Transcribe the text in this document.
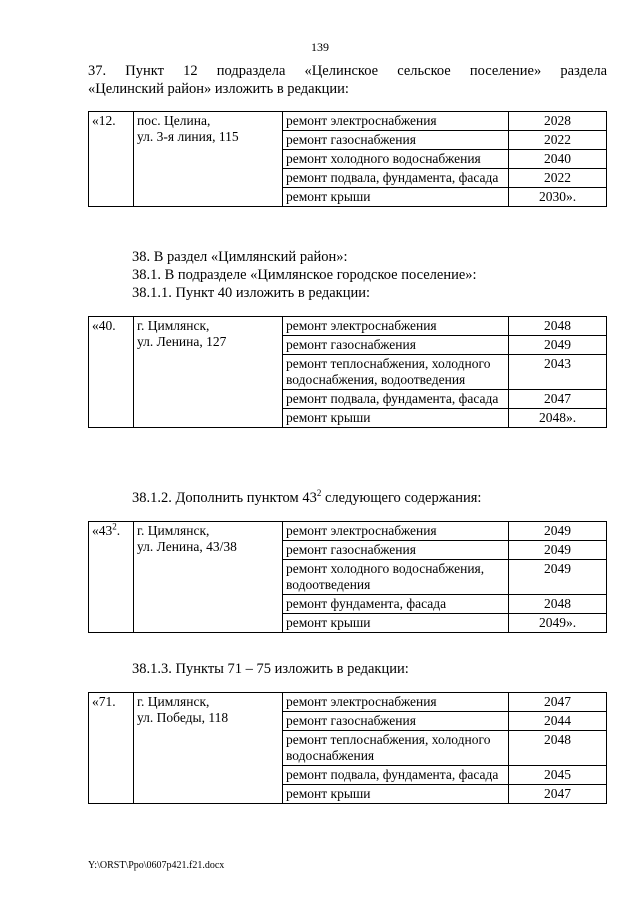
139
37. Пункт 12 подраздела «Целинское сельское поселение» раздела
«Целинский район» изложить в редакции:
«12.	пос. Целина,
ул. 3-я линия, 115	ремонт электроснабжения	2028
		ремонт газоснабжения	2022
		ремонт холодного водоснабжения	2040
		ремонт подвала, фундамента, фасада	2022
		ремонт крыши	2030».
38. В раздел «Цимлянский район»:
38.1. В подразделе «Цимлянское городское поселение»:
38.1.1. Пункт 40 изложить в редакции:
«40.	г. Цимлянск,
ул. Ленина, 127	ремонт электроснабжения	2048
		ремонт газоснабжения	2049
		ремонт теплоснабжения, холодного водоснабжения, водоотведения	2043
		ремонт подвала, фундамента, фасада	2047
		ремонт крыши	2048».
38.1.2. Дополнить пунктом $43^2$ следующего содержания:
«$43^2$.	г. Цимлянск,
ул. Ленина, 43/38	ремонт электроснабжения	2049
		ремонт газоснабжения	2049
		ремонт холодного водоснабжения, водоотведения	2049
		ремонт фундамента, фасада	2048
		ремонт крыши	2049».
38.1.3. Пункты 71 – 75 изложить в редакции:
«71.	г. Цимлянск,
ул. Победы, 118	ремонт электроснабжения	2047
		ремонт газоснабжения	2044
		ремонт теплоснабжения, холодного водоснабжения	2048
		ремонт подвала, фундамента, фасада	2045
		ремонт крыши	2047
Y:\ORST\Ppo\0607p421.f21.docx
